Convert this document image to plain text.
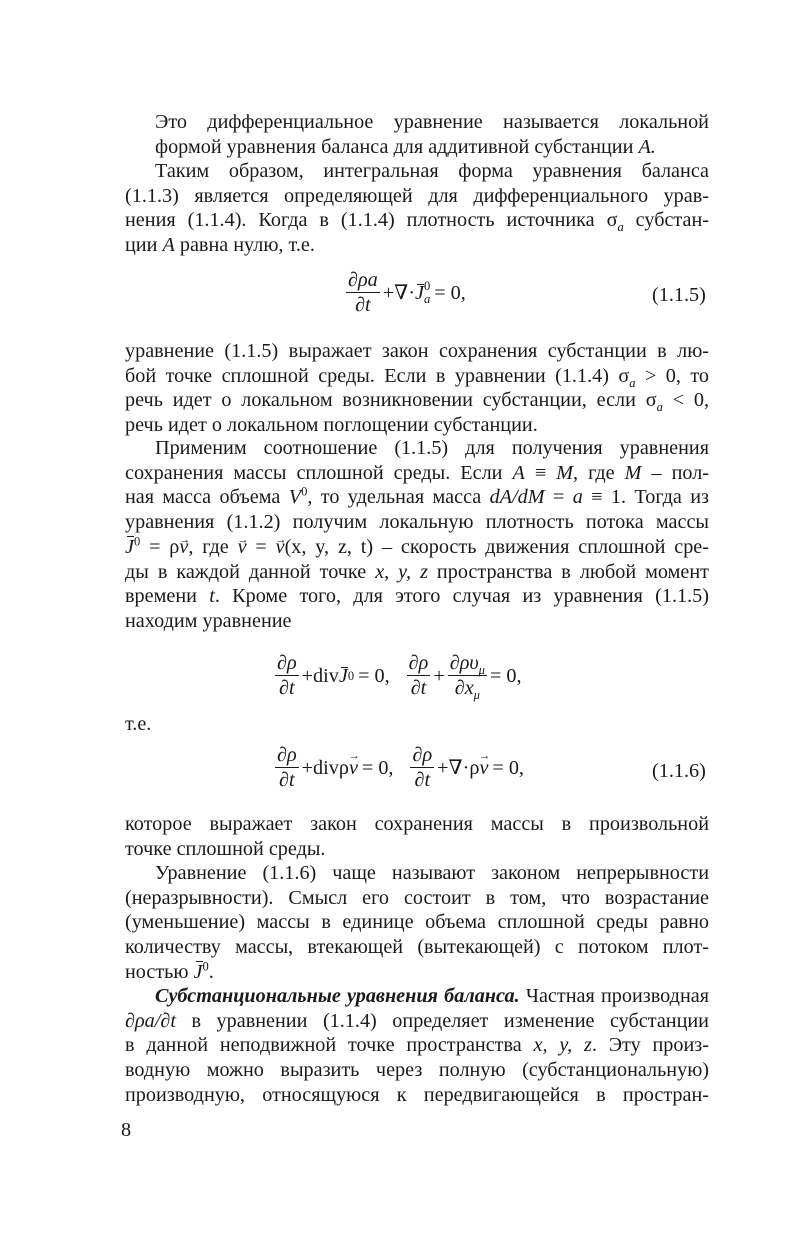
Это дифференциальное уравнение называется локальной
формой уравнения баланса для аддитивной субстанции A.

Таким образом, интегральная форма уравнения баланса
(1.1.3) является определяющей для дифференциального урав-
нения (1.1.4). Когда в (1.1.4) плотность источника $\sigma_a$ субстан-
ции A равна нулю, т.е.

$\frac{\partial\rho a}{\partial t}$ +∇· J 0
a = 0,	(1.1.5)

уравнение (1.1.5) выражает закон сохранения субстанции в лю-
бой точке сплошной среды. Если в уравнении (1.1.4) $\sigma_a > 0$, то
речь идет о локальном возникновении субстанции, если $\sigma_a < 0$,
речь идет о локальном поглощении субстанции.

Применим соотношение (1.1.5) для получения уравнения
сохранения массы сплошной среды. Если A ≡ M, где M – пол-
ная масса объема $V^0$, то удельная масса dA/dM = a ≡ 1. Тогда из
уравнения (1.1.2) получим локальную плотность потока массы
$J^0 = \rho\to v$, где → v = → v(x, y, z, t) – скорость движения сплошной сре-
ды в каждой данной точке x, y, z пространства в любой момент
времени t. Кроме того, для этого случая из уравнения (1.1.5)
находим уравнение

$\frac{\partial\rho}{\partial t} +div$ J 0 = 0, $\frac{\partial\rho}{\partial t} + \frac{\partial\rho\upsilon_\mu}{\partial x_\mu} = 0$,
т.е.
$\frac{\partial\rho}{\partial t} +div\rho$
→ v = 0, $\frac{\partial\rho}{\partial t} +\nabla\cdot\rho$
→ v = 0,	(1.1.6)

которое выражает закон сохранения массы в произвольной
точке сплошной среды.

Уравнение (1.1.6) чаще называют законом непрерывности
(неразрывности). Смысл его состоит в том, что возрастание
(уменьшение) массы в единице объема сплошной среды равно
количеству массы, втекающей (вытекающей) с потоком плот-
ностью $J^0$.

Субстанциональные уравнения баланса. Частная производная
∂ρa/∂t в уравнении (1.1.4) определяет изменение субстанции
в данной неподвижной точке пространства x, y, z. Эту произ-
водную можно выразить через полную (субстанциональную)
производную, относящуюся к передвигающейся в простран-

8
